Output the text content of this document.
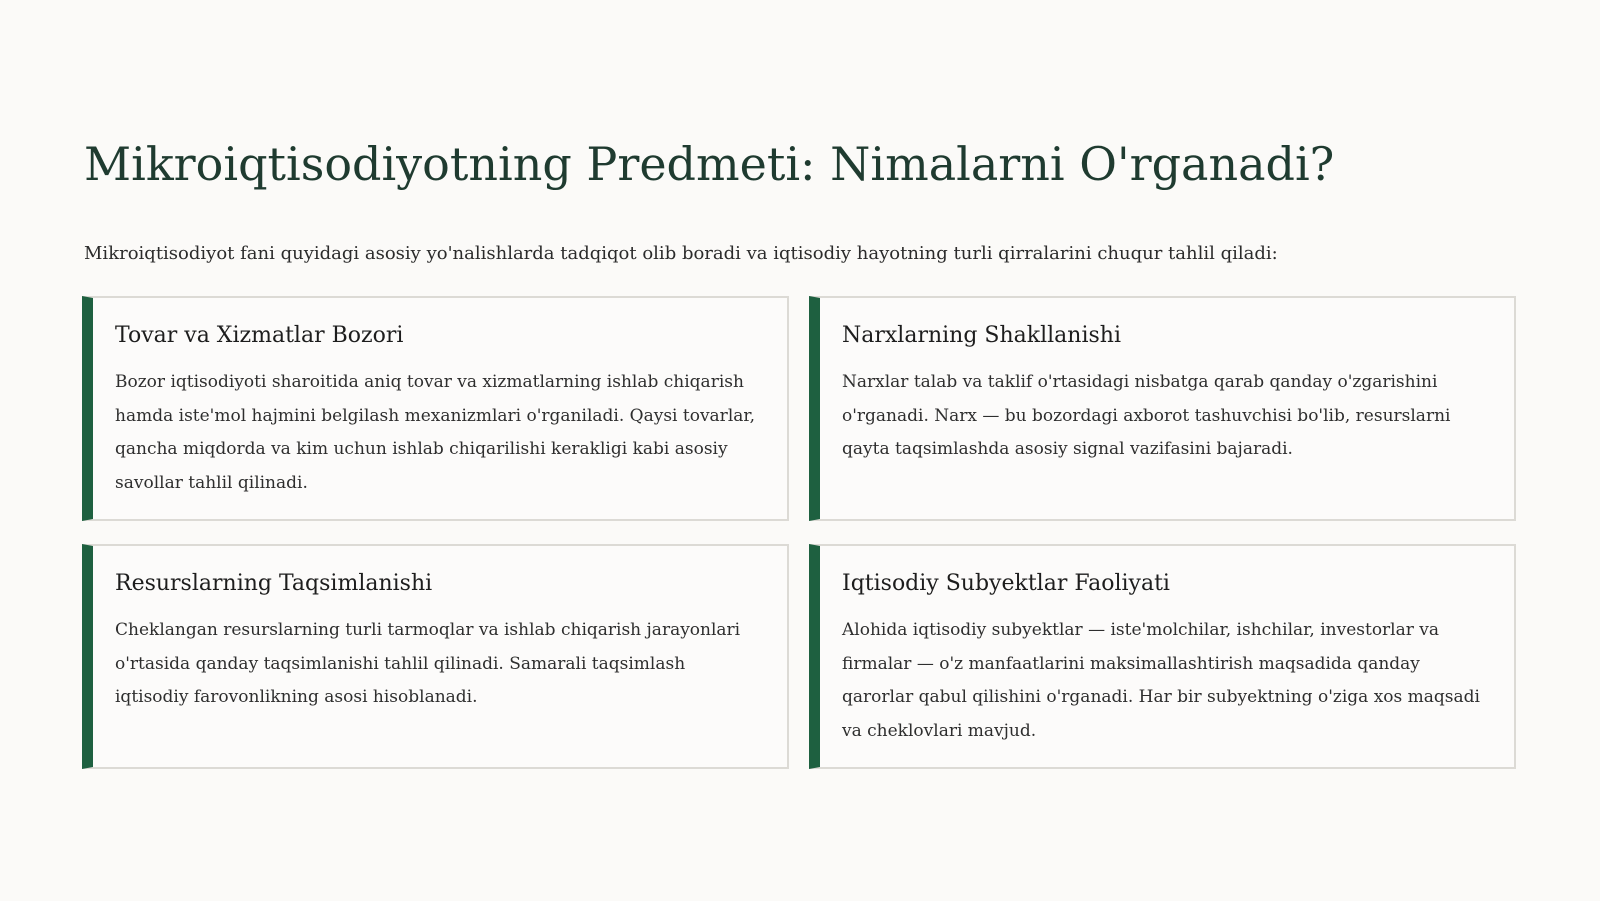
Mikroiqtisodiyotning Predmeti: Nimalarni O'rganadi?

Mikroiqtisodiyot fani quyidagi asosiy yo'nalishlarda tadqiqot olib boradi va iqtisodiy hayotning turli qirralarini chuqur tahlil qiladi:

Tovar va Xizmatlar Bozori

Bozor iqtisodiyoti sharoitida aniq tovar va xizmatlarning ishlab chiqarish hamda iste'mol hajmini belgilash mexanizmlari o'rganiladi. Qaysi tovarlar, qancha miqdorda va kim uchun ishlab chiqarilishi kerakligi kabi asosiy savollar tahlil qilinadi.

Narxlarning Shakllanishi

Narxlar talab va taklif o'rtasidagi nisbatga qarab qanday o'zgarishini o'rganadi. Narx — bu bozordagi axborot tashuvchisi bo'lib, resurslarni qayta taqsimlashda asosiy signal vazifasini bajaradi.

Resurslarning Taqsimlanishi

Cheklangan resurslarning turli tarmoqlar va ishlab chiqarish jarayonlari o'rtasida qanday taqsimlanishi tahlil qilinadi. Samarali taqsimlash iqtisodiy farovonlikning asosi hisoblanadi.

Iqtisodiy Subyektlar Faoliyati

Alohida iqtisodiy subyektlar — iste'molchilar, ishchilar, investorlar va firmalar — o'z manfaatlarini maksimallashtirish maqsadida qanday qarorlar qabul qilishini o'rganadi. Har bir subyektning o'ziga xos maqsadi va cheklovlari mavjud.
